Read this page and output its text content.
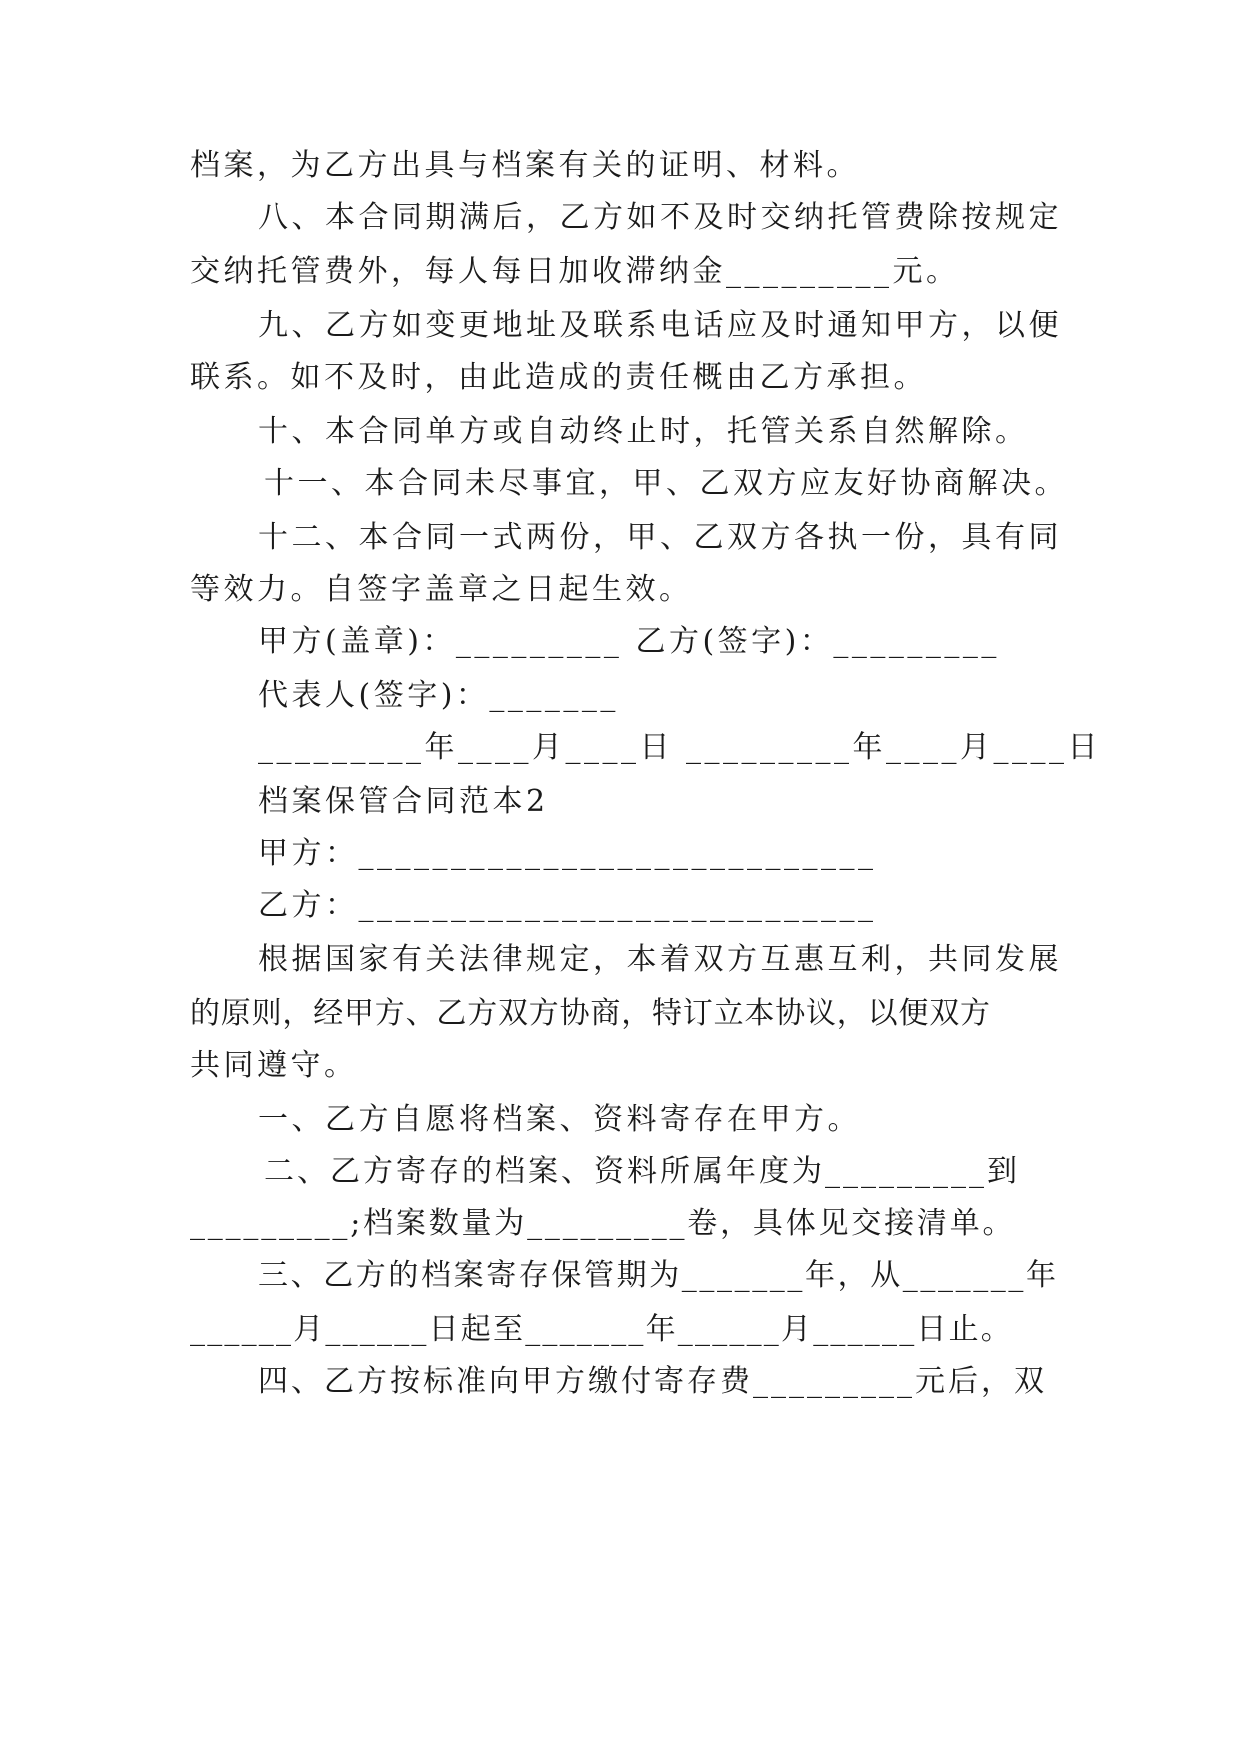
档案，为乙方出具与档案有关的证明、材料。
八、本合同期满后，乙方如不及时交纳托管费除按规定
交纳托管费外，每人每日加收滞纳金_________元。
九、乙方如变更地址及联系电话应及时通知甲方，以便
联系。如不及时，由此造成的责任概由乙方承担。
十、本合同单方或自动终止时，托管关系自然解除。
十一、本合同未尽事宜，甲、乙双方应友好协商解决。
十二、本合同一式两份，甲、乙双方各执一份，具有同
等效力。自签字盖章之日起生效。
甲方(盖章)：_________ 乙方(签字)：_________
代表人(签字)：_______
_________年____月____日 _________年____月____日
档案保管合同范本2
甲方：____________________________
乙方：____________________________
根据国家有关法律规定，本着双方互惠互利，共同发展
的原则，经甲方、乙方双方协商，特订立本协议，以便双方
共同遵守。
一、乙方自愿将档案、资料寄存在甲方。
二、乙方寄存的档案、资料所属年度为_________到
_________;档案数量为_________卷，具体见交接清单。
三、乙方的档案寄存保管期为_______年，从_______年
______月______日起至_______年______月______日止。
四、乙方按标准向甲方缴付寄存费_________元后，双
